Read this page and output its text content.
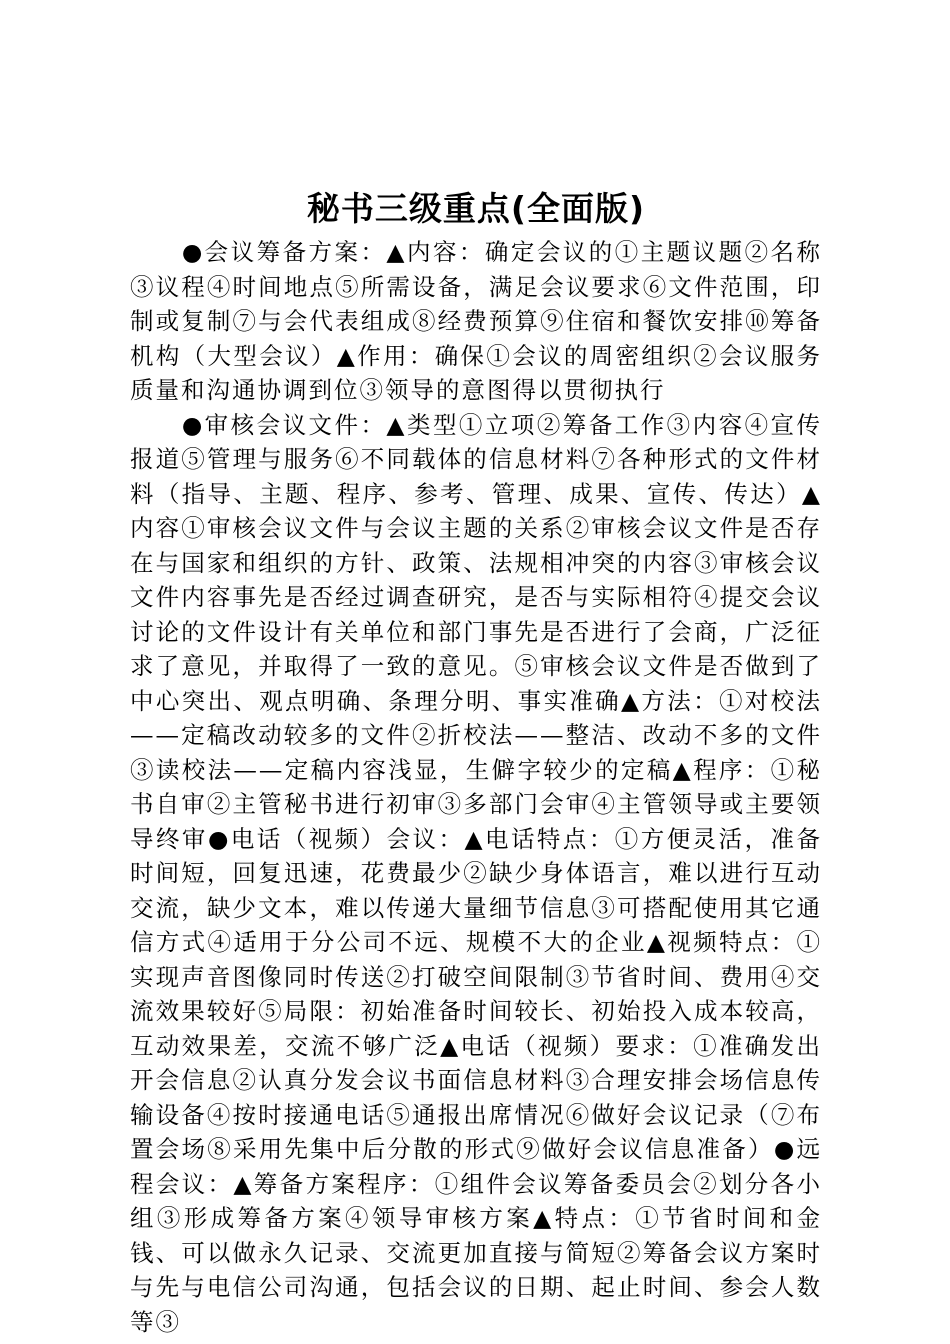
秘书三级重点(全面版)

●会议筹备方案：▲内容：确定会议的①主题议题②名称③议程④时间地点⑤所需设备，满足会议要求⑥文件范围，印制或复制⑦与会代表组成⑧经费预算⑨住宿和餐饮安排⑩筹备机构（大型会议）▲作用：确保①会议的周密组织②会议服务质量和沟通协调到位③领导的意图得以贯彻执行

●审核会议文件：▲类型①立项②筹备工作③内容④宣传报道⑤管理与服务⑥不同载体的信息材料⑦各种形式的文件材料（指导、主题、程序、参考、管理、成果、宣传、传达）▲内容①审核会议文件与会议主题的关系②审核会议文件是否存在与国家和组织的方针、政策、法规相冲突的内容③审核会议文件内容事先是否经过调查研究，是否与实际相符④提交会议讨论的文件设计有关单位和部门事先是否进行了会商，广泛征求了意见，并取得了一致的意见。⑤审核会议文件是否做到了中心突出、观点明确、条理分明、事实准确▲方法：①对校法——定稿改动较多的文件②折校法——整洁、改动不多的文件③读校法——定稿内容浅显，生僻字较少的定稿▲程序：①秘书自审②主管秘书进行初审③多部门会审④主管领导或主要领导终审●电话（视频）会议：▲电话特点：①方便灵活，准备时间短，回复迅速，花费最少②缺少身体语言，难以进行互动交流，缺少文本，难以传递大量细节信息③可搭配使用其它通信方式④适用于分公司不远、规模不大的企业▲视频特点：①实现声音图像同时传送②打破空间限制③节省时间、费用④交流效果较好⑤局限：初始准备时间较长、初始投入成本较高，互动效果差，交流不够广泛▲电话（视频）要求：①准确发出开会信息②认真分发会议书面信息材料③合理安排会场信息传输设备④按时接通电话⑤通报出席情况⑥做好会议记录（⑦布置会场⑧采用先集中后分散的形式⑨做好会议信息准备）●远程会议：▲筹备方案程序：①组件会议筹备委员会②划分各小组③形成筹备方案④领导审核方案▲特点：①节省时间和金钱、可以做永久记录、交流更加直接与简短②筹备会议方案时与先与电信公司沟通，包括会议的日期、起止时间、参会人数等③
